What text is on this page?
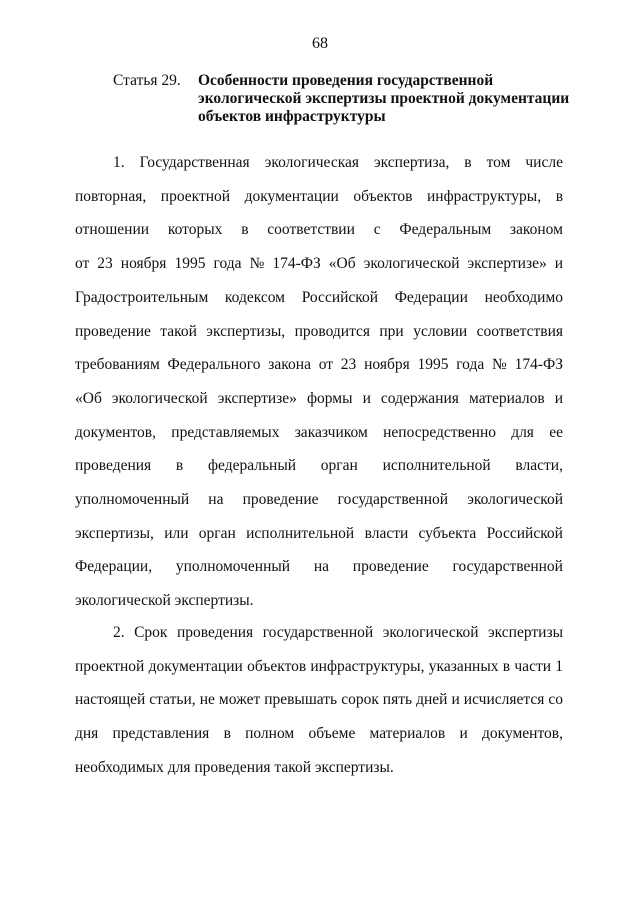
68
Статья 29. Особенности проведения государственной экологической экспертизы проектной документации объектов инфраструктуры
1. Государственная экологическая экспертиза, в том числе
повторная, проектной документации объектов инфраструктуры, в
отношении которых в соответствии с Федеральным законом
от 23 ноября 1995 года № 174-ФЗ «Об экологической экспертизе» и
Градостроительным кодексом Российской Федерации необходимо
проведение такой экспертизы, проводится при условии соответствия
требованиям Федерального закона от 23 ноября 1995 года № 174-ФЗ
«Об экологической экспертизе» формы и содержания материалов и
документов, представляемых заказчиком непосредственно для ее
проведения в федеральный орган исполнительной власти,
уполномоченный на проведение государственной экологической
экспертизы, или орган исполнительной власти субъекта Российской
Федерации, уполномоченный на проведение государственной
экологической экспертизы.
2. Срок проведения государственной экологической экспертизы
проектной документации объектов инфраструктуры, указанных в части 1
настоящей статьи, не может превышать сорок пять дней и исчисляется со
дня представления в полном объеме материалов и документов,
необходимых для проведения такой экспертизы.
